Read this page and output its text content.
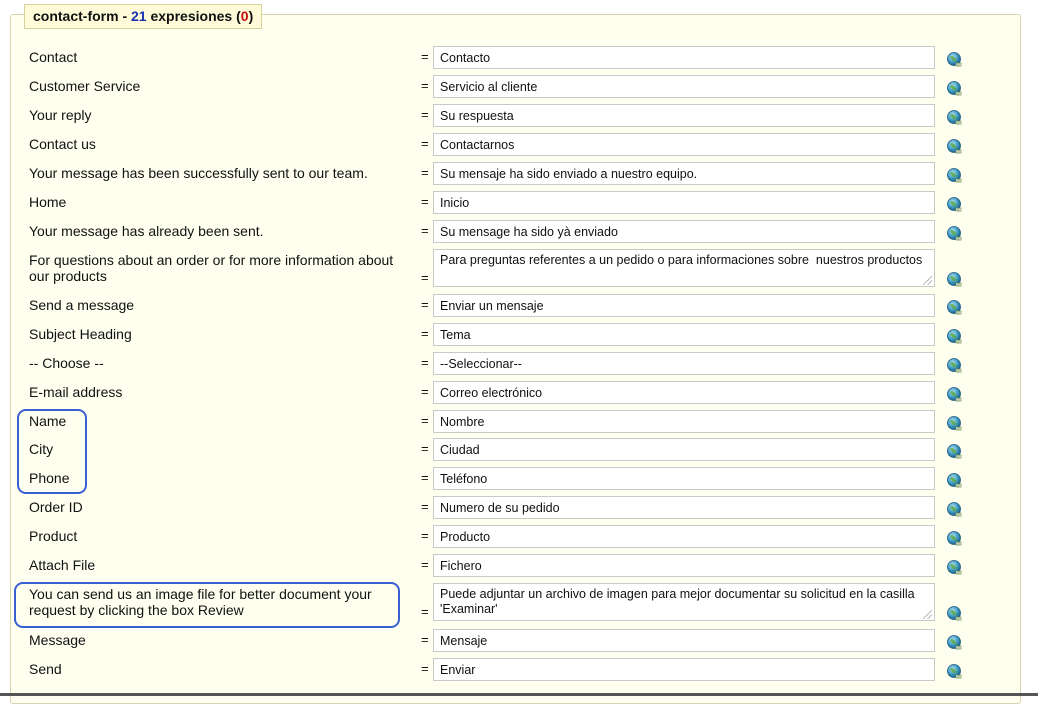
contact-form - 21 expresiones (0)
Contact	=
Contacto
Customer Service	=
Servicio al cliente
Your reply	=
Su respuesta
Contact us	=
Contactarnos
Your message has been successfully sent to our team.	=
Su mensaje ha sido enviado a nuestro equipo.
Home	=
Inicio
Your message has already been sent.	=
Su mensage ha sido yà enviado
For questions about an order or for more information about our products	=
Para preguntas referentes a un pedido o para informaciones sobre nuestros productos
Send a message	=
Enviar un mensaje
Subject Heading	=
Tema
-- Choose --	=
--Seleccionar--
E-mail address	=
Correo electrónico
Name	=
Nombre
City	=
Ciudad
Phone	=
Teléfono
Order ID	=
Numero de su pedido
Product	=
Producto
Attach File	=
Fichero
You can send us an image file for better document your request by clicking the box Review	=
Puede adjuntar un archivo de imagen para mejor documentar su solicitud en la casilla 'Examinar'
Message	=
Mensaje
Send	=
Enviar
